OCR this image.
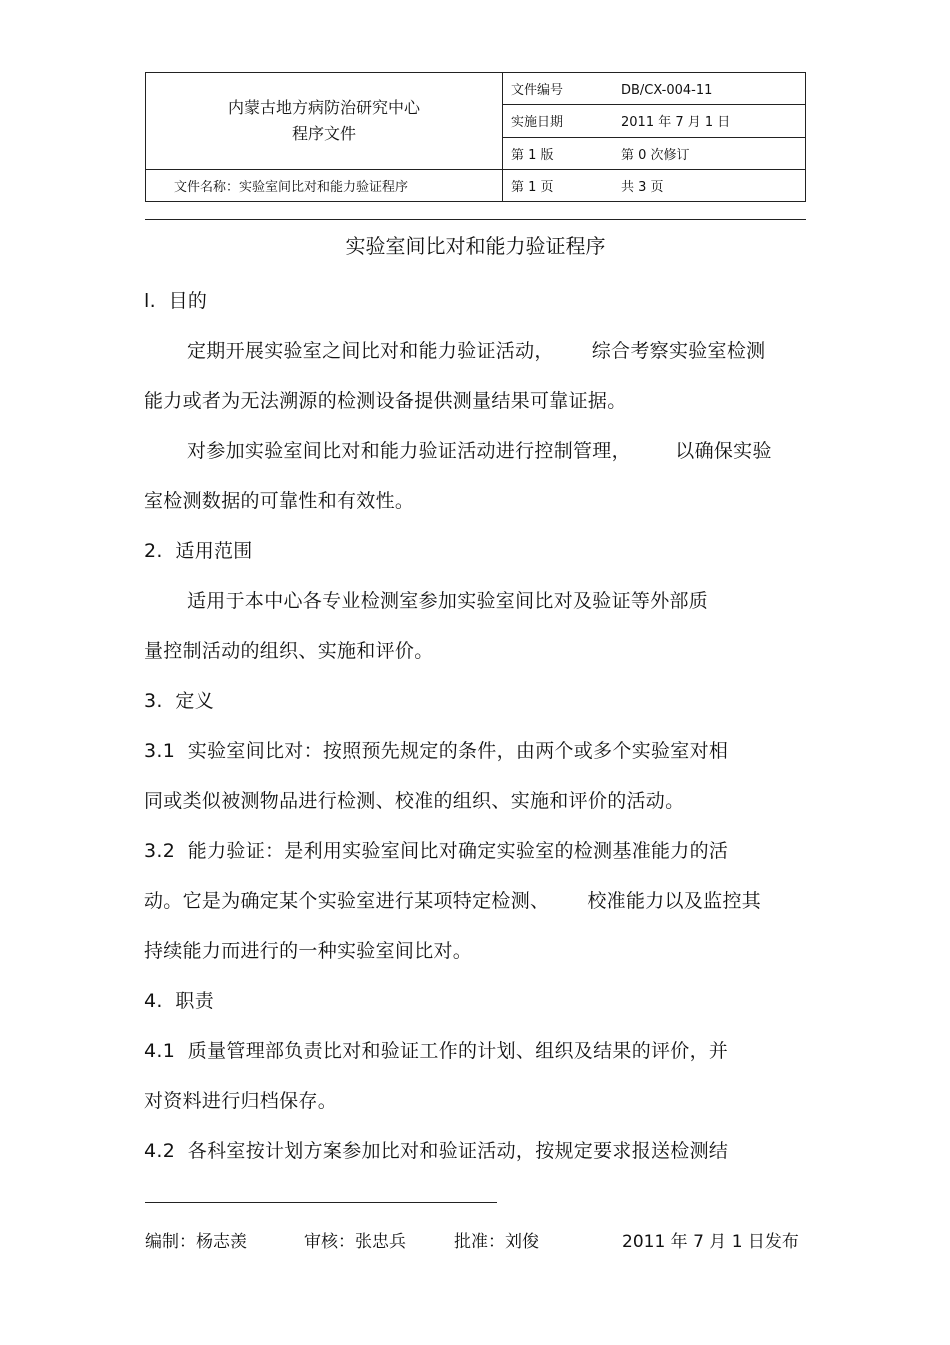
内蒙古地方病防治研究中心
程序文件	文件编号 DB/CX-004-11
	实施日期 2011 年 7 月 1 日
	第 1 版 第 0 次修订
文件名称：实验室间比对和能力验证程序	第 1 页 共 3 页
实验室间比对和能力验证程序
l.  目的
定期开展实验室之间比对和能力验证活动，      综合考察实验室检测
能力或者为无法溯源的检测设备提供测量结果可靠证据。
对参加实验室间比对和能力验证活动进行控制管理，       以确保实验
室检测数据的可靠性和有效性。
2.  适用范围
适用于本中心各专业检测室参加实验室间比对及验证等外部质
量控制活动的组织、实施和评价。
3.  定义
3.1  实验室间比对：按照预先规定的条件，由两个或多个实验室对相
同或类似被测物品进行检测、校准的组织、实施和评价的活动。
3.2  能力验证：是利用实验室间比对确定实验室的检测基准能力的活
动。它是为确定某个实验室进行某项特定检测、      校准能力以及监控其
持续能力而进行的一种实验室间比对。
4.  职责
4.1  质量管理部负责比对和验证工作的计划、组织及结果的评价，并
对资料进行归档保存。
4.2  各科室按计划方案参加比对和验证活动，按规定要求报送检测结
编制：杨志羡	审核：张忠兵	批准：刘俊	2011 年 7 月 1 日发布
